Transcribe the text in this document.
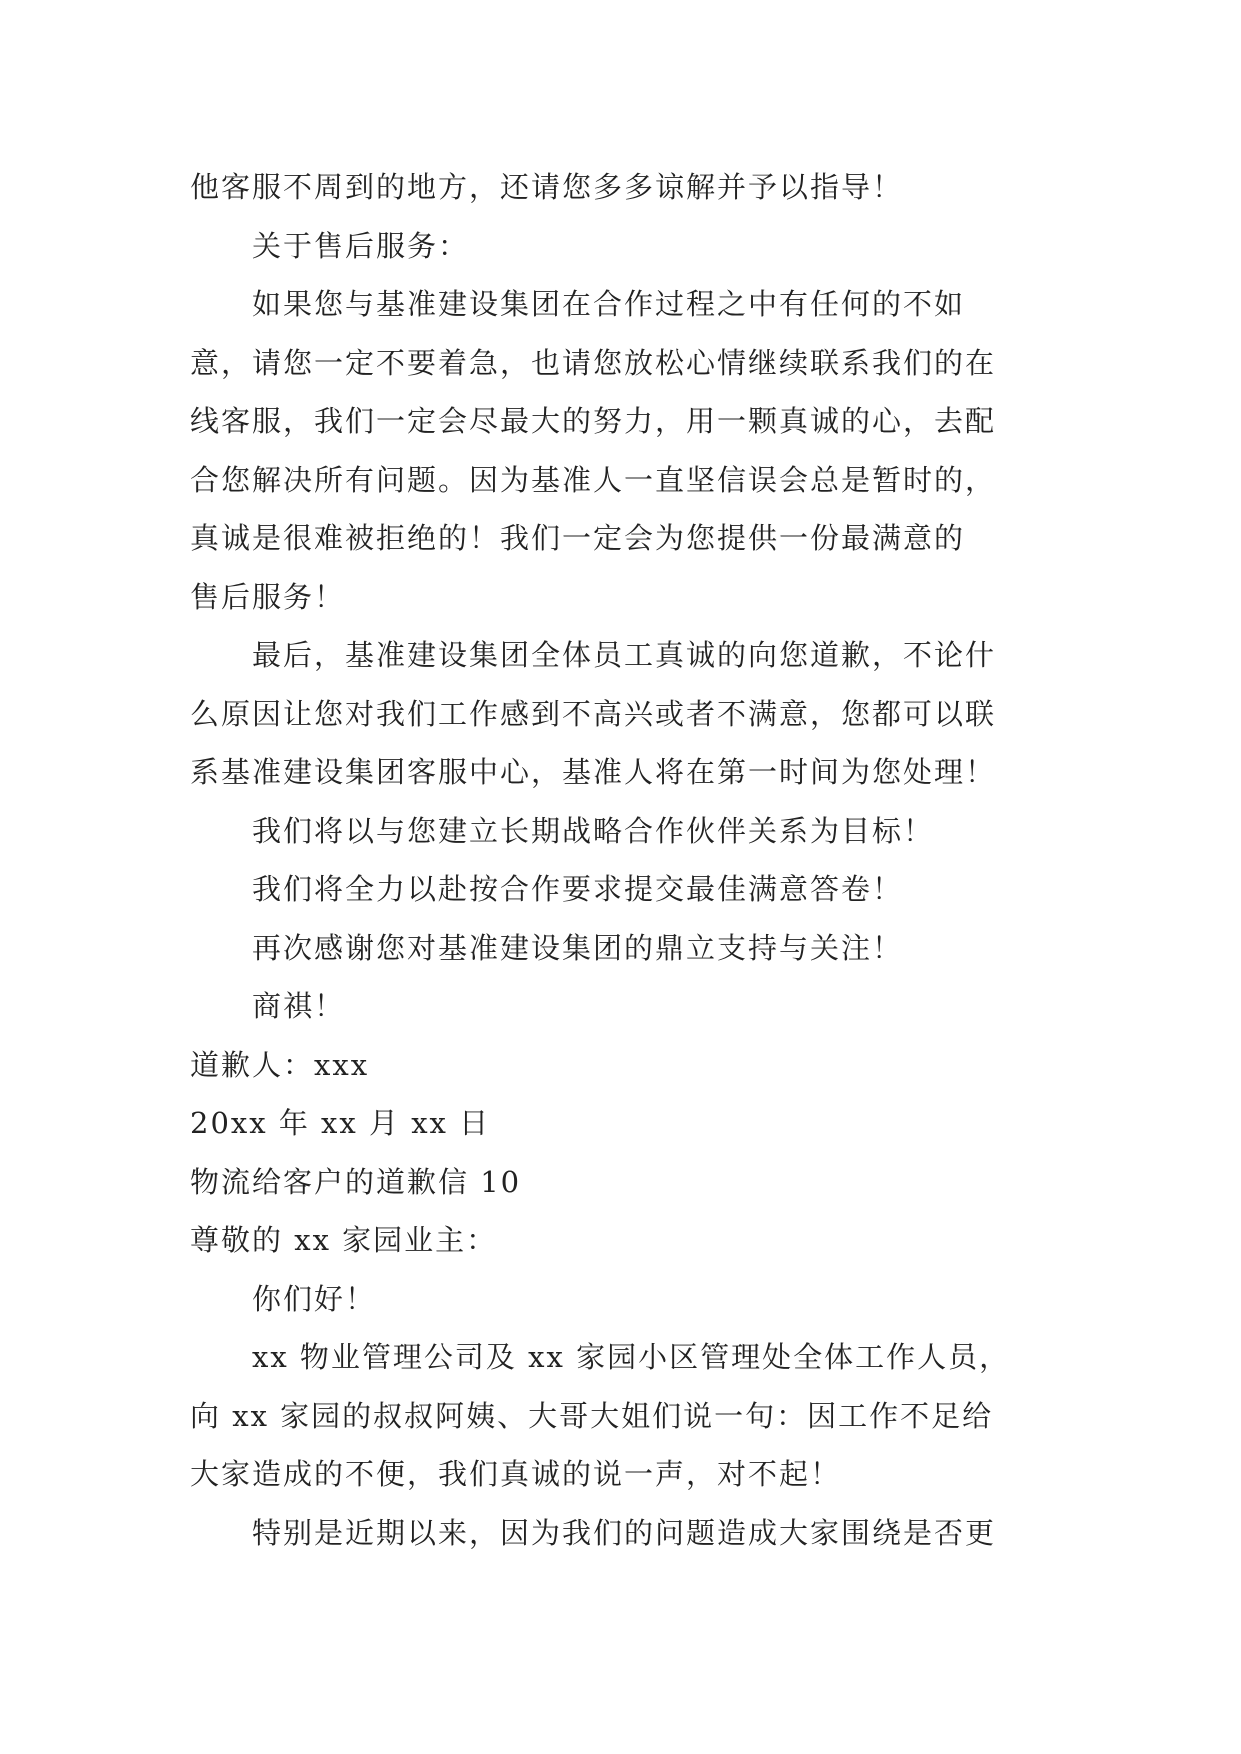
他客服不周到的地方，还请您多多谅解并予以指导！

关于售后服务：

如果您与基准建设集团在合作过程之中有任何的不如
意，请您一定不要着急，也请您放松心情继续联系我们的在
线客服，我们一定会尽最大的努力，用一颗真诚的心，去配
合您解决所有问题。因为基准人一直坚信误会总是暂时的，
真诚是很难被拒绝的！我们一定会为您提供一份最满意的
售后服务！

最后，基准建设集团全体员工真诚的向您道歉，不论什
么原因让您对我们工作感到不高兴或者不满意，您都可以联
系基准建设集团客服中心，基准人将在第一时间为您处理！

我们将以与您建立长期战略合作伙伴关系为目标！

我们将全力以赴按合作要求提交最佳满意答卷！

再次感谢您对基准建设集团的鼎立支持与关注！

商祺！

道歉人：xxx

20xx 年 xx 月 xx 日

物流给客户的道歉信 10

尊敬的 xx 家园业主：

你们好！

xx 物业管理公司及 xx 家园小区管理处全体工作人员，
向 xx 家园的叔叔阿姨、大哥大姐们说一句：因工作不足给
大家造成的不便，我们真诚的说一声，对不起！

特别是近期以来，因为我们的问题造成大家围绕是否更
